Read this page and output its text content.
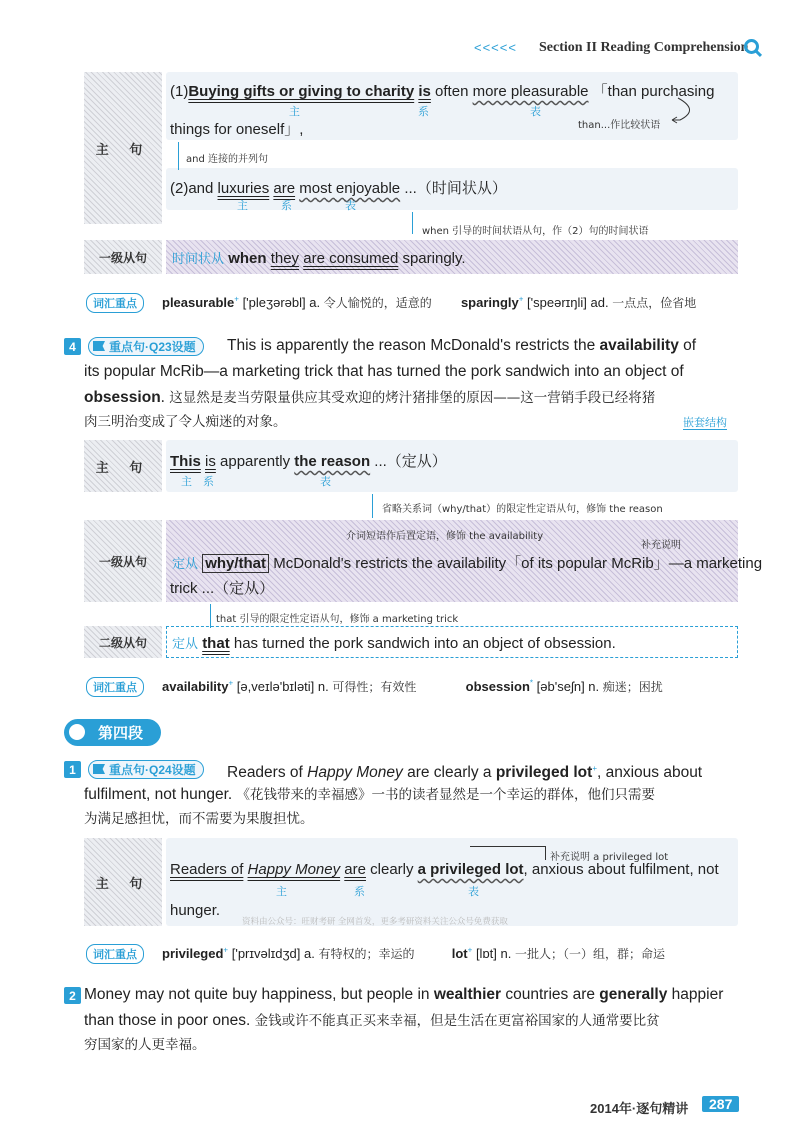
<<<<< Section II Reading Comprehension
主 句
(1)Buying gifts or giving to charity is often more pleasurable 「than purchasing
主	系	表
things for oneself」,	than...作比较状语
and 连接的并列句
(2)and luxuries are most enjoyable ...（时间状从）
主	系	表
when 引导的时间状语从句，作（2）句的时间状语
一级从句	时间状从 when they are consumed sparingly.
词汇重点	pleasurable+ ['pleʒərəbl] a. 令人愉悦的，适意的 sparingly+ ['speərɪŋli] ad. 一点点，俭省地
4	重点句·Q23设题	This is apparently the reason McDonald's restricts the availability of
its popular McRib—a marketing trick that has turned the pork sandwich into an object of
obsession. 这显然是麦当劳限量供应其受欢迎的烤汁猪排堡的原因——这一营销手段已经将猪
肉三明治变成了令人痴迷的对象。	嵌套结构
主 句	This is apparently the reason ...（定从）
主 系	表
省略关系词（why/that）的限定性定语从句，修饰 the reason
一级从句
介词短语作后置定语，修饰 the availability
补充说明
定从 why/that McDonald's restricts the availability「of its popular McRib」—a marketing
trick ...（定从）
that 引导的限定性定语从句，修饰 a marketing trick
二级从句	定从 that has turned the pork sandwich into an object of obsession.
词汇重点	availability+ [ə,veɪlə'bɪləti] n. 可得性；有效性	obsession* [əb'seʃn] n. 痴迷；困扰
第四段
1	重点句·Q24设题	Readers of Happy Money are clearly a privileged lot+, anxious about
fulfilment, not hunger. 《花钱带来的幸福感》一书的读者显然是一个幸运的群体，他们只需要
为满足感担忧，而不需要为果腹担忧。
主 句
补充说明 a privileged lot
Readers of Happy Money are clearly a privileged lot, anxious about fulfilment, not
主	系	表
hunger.
资料由公众号：旺财考研 全网首发，更多考研资料关注公众号免费获取
词汇重点	privileged+ ['prɪvəlɪdʒd] a. 有特权的；幸运的	lot+ [lɒt] n. 一批人；（一）组，群；命运
2 Money may not quite buy happiness, but people in wealthier countries are generally happier
than those in poor ones. 金钱或许不能真正买来幸福，但是生活在更富裕国家的人通常要比贫
穷国家的人更幸福。
2014年·逐句精讲	287
